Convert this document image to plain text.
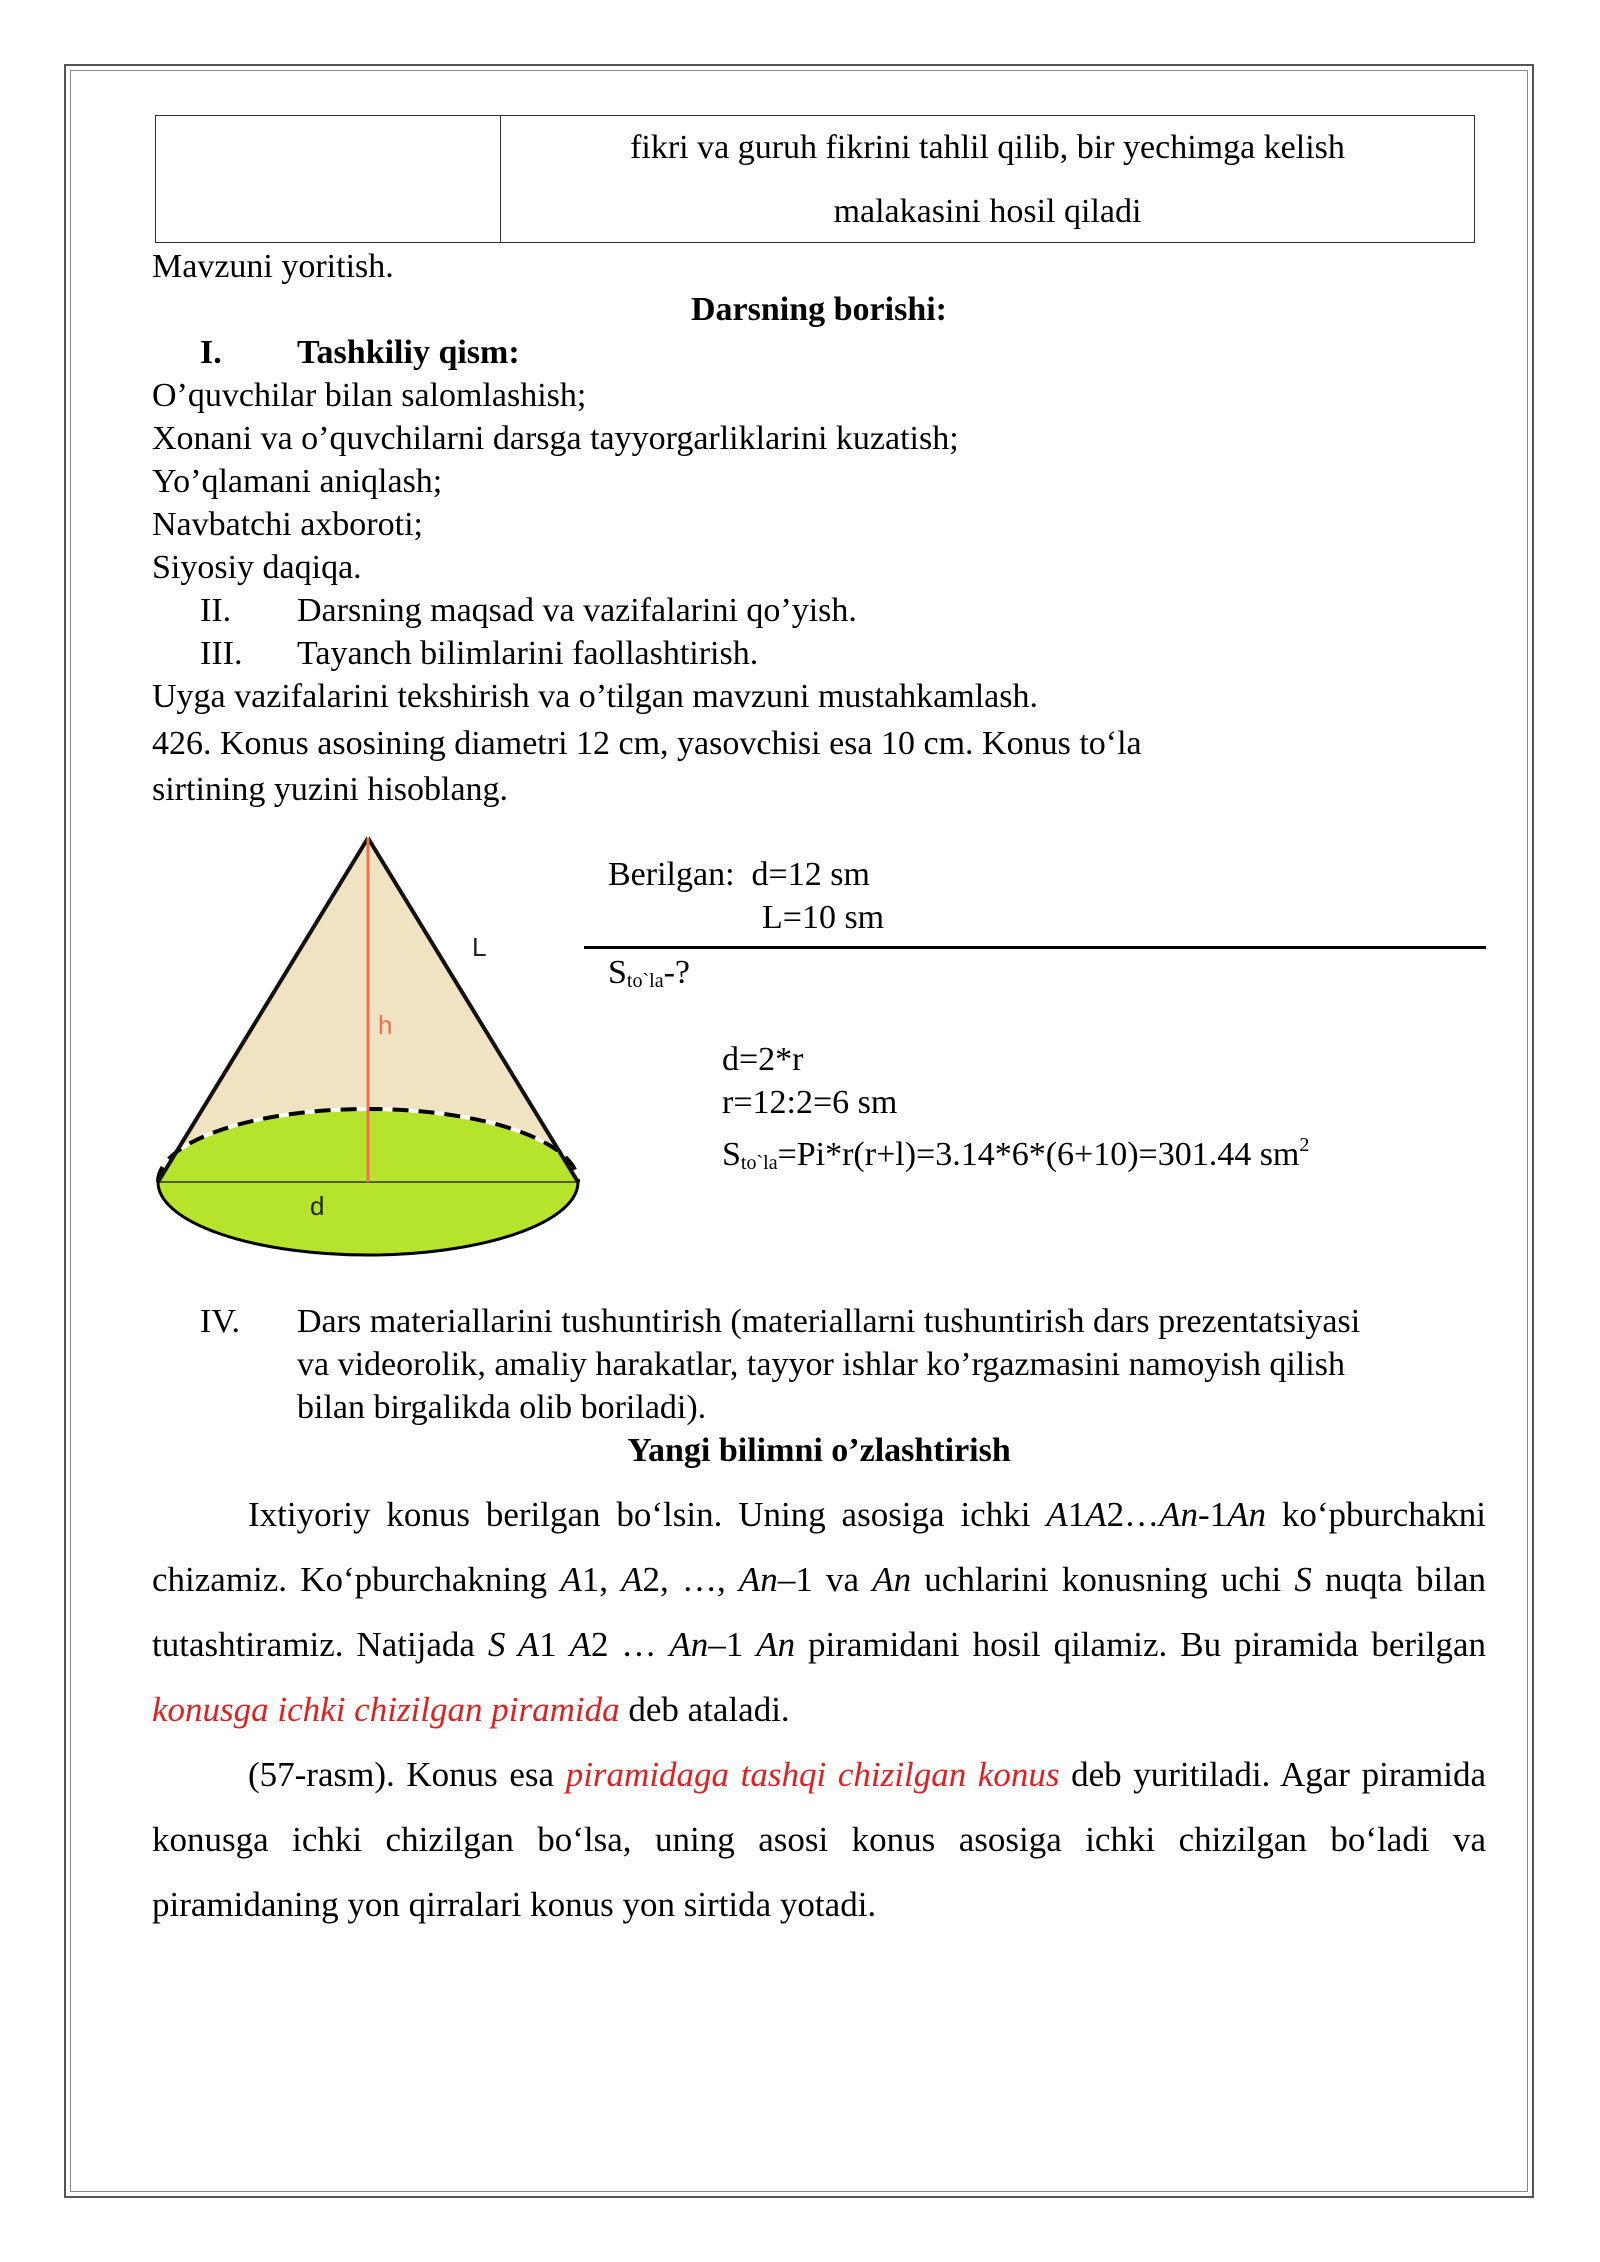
fikri va guruh fikrini tahlil qilib, bir yechimga kelish
malakasini hosil qiladi
Mavzuni yoritish.
Darsning borishi:
I. Tashkiliy qism:
O’quvchilar bilan salomlashish;
Xonani va o’quvchilarni darsga tayyorgarliklarini kuzatish;
Yo’qlamani aniqlash;
Navbatchi axboroti;
Siyosiy daqiqa.
II. Darsning maqsad va vazifalarini qo’yish.
III. Tayanch bilimlarini faollashtirish.
Uyga vazifalarini tekshirish va o’tilgan mavzuni mustahkamlash.
426. Konus asosining diametri 12 cm, yasovchisi esa 10 cm. Konus to‘la
sirtining yuzini hisoblang.
L
h
d
Berilgan: d=12 sm
L=10 sm
$S_{to`la}-$?
d=2*r
r=12:2=6 sm
$S_{to`la}=Pi*r(r+l)=3.14*6*(6+10)=301.44$ $sm^2$
IV. Dars materiallarini tushuntirish (materiallarni tushuntirish dars prezentatsiyasi
va videorolik, amaliy harakatlar, tayyor ishlar ko’rgazmasini namoyish qilish
bilan birgalikda olib boriladi).
Yangi bilimni o’zlashtirish
Ixtiyoriy konus berilgan bo‘lsin. Uning asosiga ichki A1A2…An-1An ko‘pburchakni chizamiz. Ko‘pburchakning A1, A2, …, An–1 va An uchlarini konusning uchi S nuqta bilan tutashtiramiz. Natijada S A1 A2 … An–1 An piramidani hosil qilamiz. Bu piramida berilgan konusga ichki chizilgan piramida deb ataladi.
(57-rasm). Konus esa piramidaga tashqi chizilgan konus deb yuritiladi. Agar piramida konusga ichki chizilgan bo‘lsa, uning asosi konus asosiga ichki chizilgan bo‘ladi va piramidaning yon qirralari konus yon sirtida yotadi.
